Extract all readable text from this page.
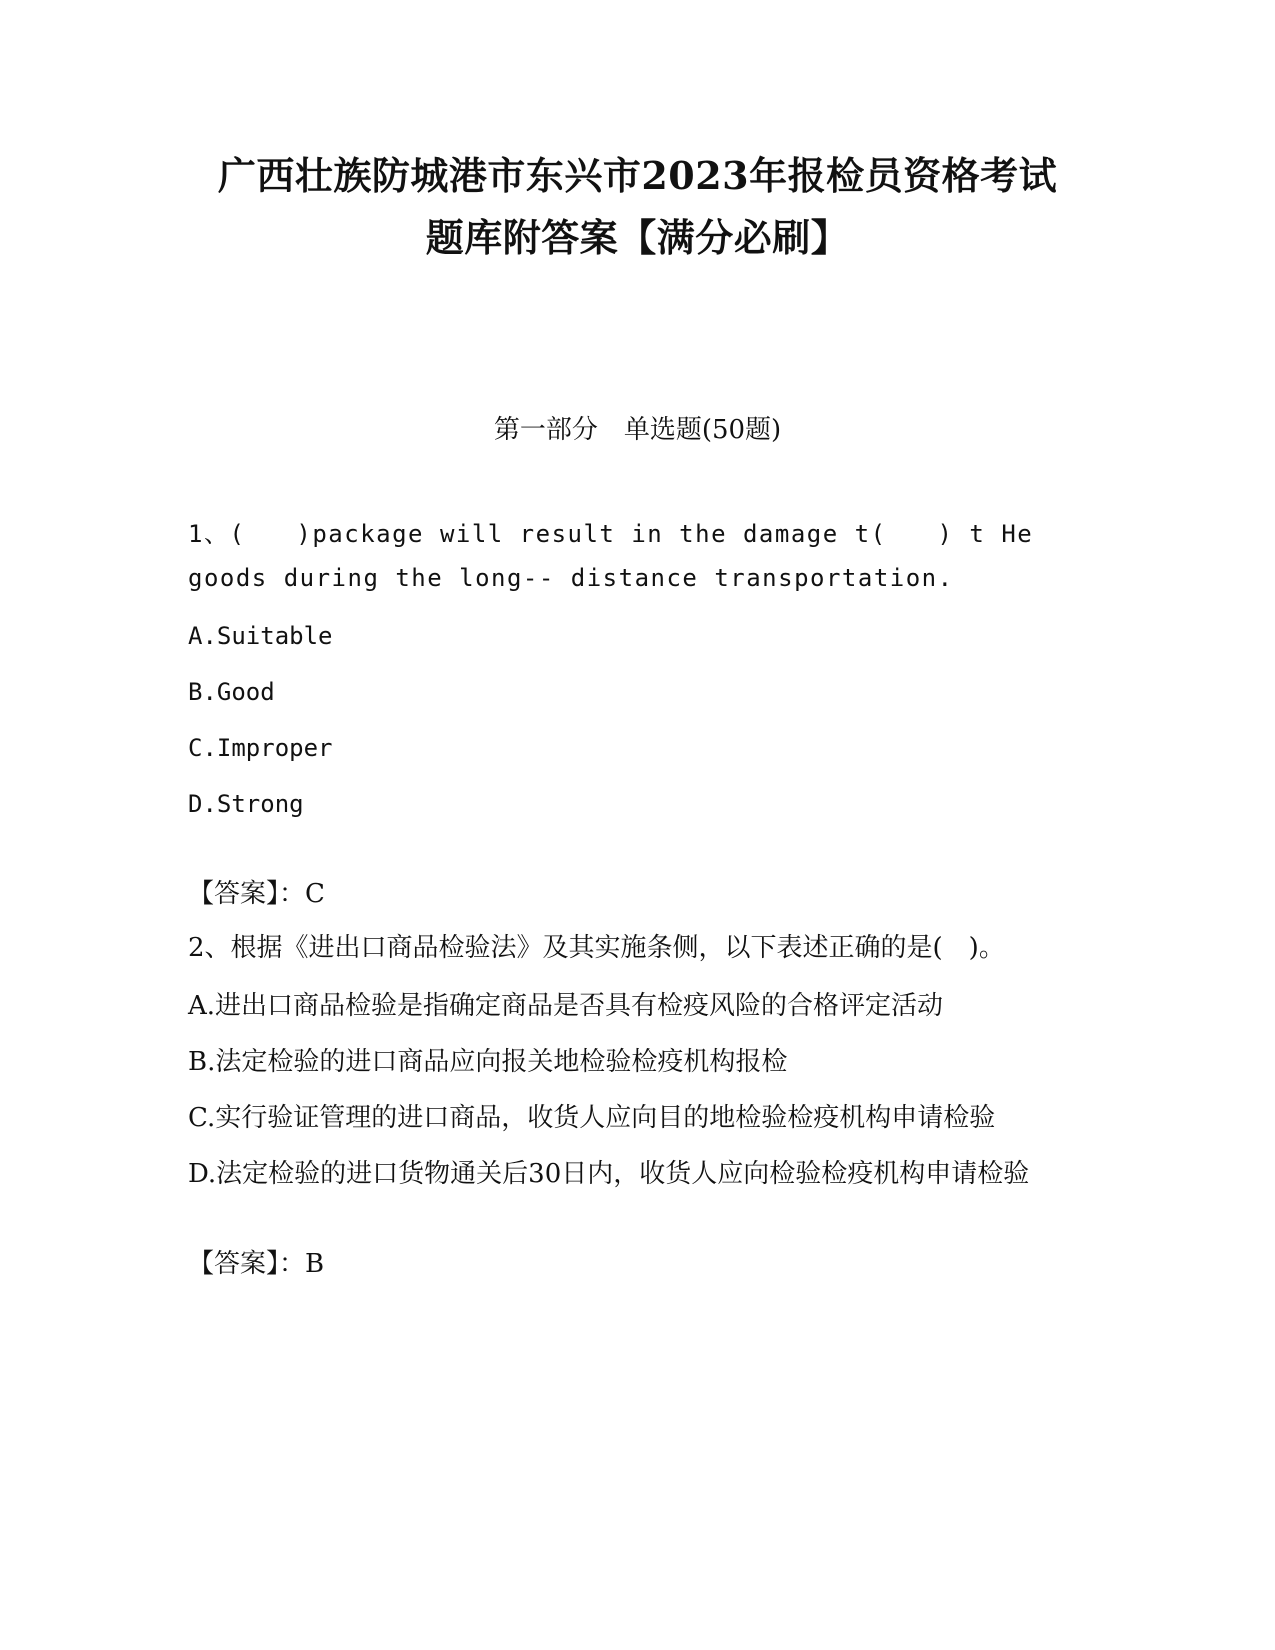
广西壮族防城港市东兴市2023年报检员资格考试
题库附答案【满分必刷】
第一部分　单选题(50题)

1、(　　)package will result in the damage t(　　) t He goods during the long-- distance transportation.

A.Suitable

B.Good

C.Improper

D.Strong

【答案】：C

2、根据《进出口商品检验法》及其实施条侧，以下表述正确的是(　)。

A.进出口商品检验是指确定商品是否具有检疫风险的合格评定活动

B.法定检验的进口商品应向报关地检验检疫机构报检

C.实行验证管理的进口商品，收货人应向目的地检验检疫机构申请检验

D.法定检验的进口货物通关后30日内，收货人应向检验检疫机构申请检验

【答案】：B
